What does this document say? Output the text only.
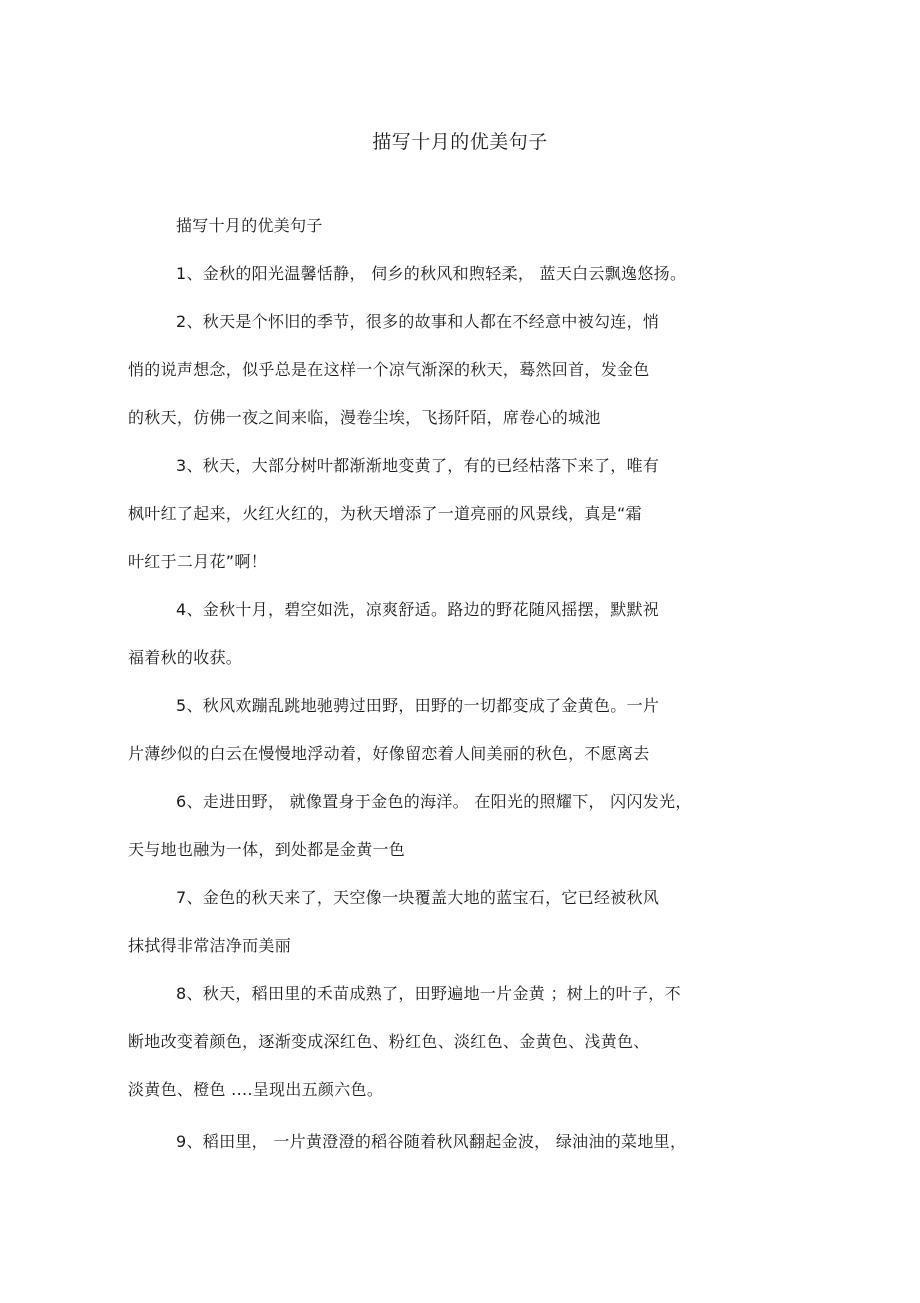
描写十月的优美句子
描写十月的优美句子
1、金秋的阳光温馨恬静， 伺乡的秋风和煦轻柔， 蓝天白云飘逸悠扬。
2、秋天是个怀旧的季节，很多的故事和人都在不经意中被勾连，悄
悄的说声想念，似乎总是在这样一个凉气渐深的秋天，蓦然回首，发金色
的秋天，仿佛一夜之间来临，漫卷尘埃，飞扬阡陌，席卷心的城池
3、秋天，大部分树叶都渐渐地变黄了，有的已经枯落下来了，唯有
枫叶红了起来，火红火红的，为秋天增添了一道亮丽的风景线，真是“霜
叶红于二月花”啊！
4、金秋十月，碧空如洗，凉爽舒适。路边的野花随风摇摆，默默祝
福着秋的收获。
5、秋风欢蹦乱跳地驰骋过田野，田野的一切都变成了金黄色。一片
片薄纱似的白云在慢慢地浮动着，好像留恋着人间美丽的秋色，不愿离去
6、走进田野， 就像置身于金色的海洋。 在阳光的照耀下， 闪闪发光，
天与地也融为一体，到处都是金黄一色
7、金色的秋天来了，天空像一块覆盖大地的蓝宝石，它已经被秋风
抹拭得非常洁净而美丽
8、秋天，稻田里的禾苗成熟了，田野遍地一片金黄 ；树上的叶子，不
断地改变着颜色，逐渐变成深红色、粉红色、淡红色、金黄色、浅黄色、
淡黄色、橙色 ....呈现出五颜六色。
9、稻田里， 一片黄澄澄的稻谷随着秋风翻起金波， 绿油油的菜地里，
